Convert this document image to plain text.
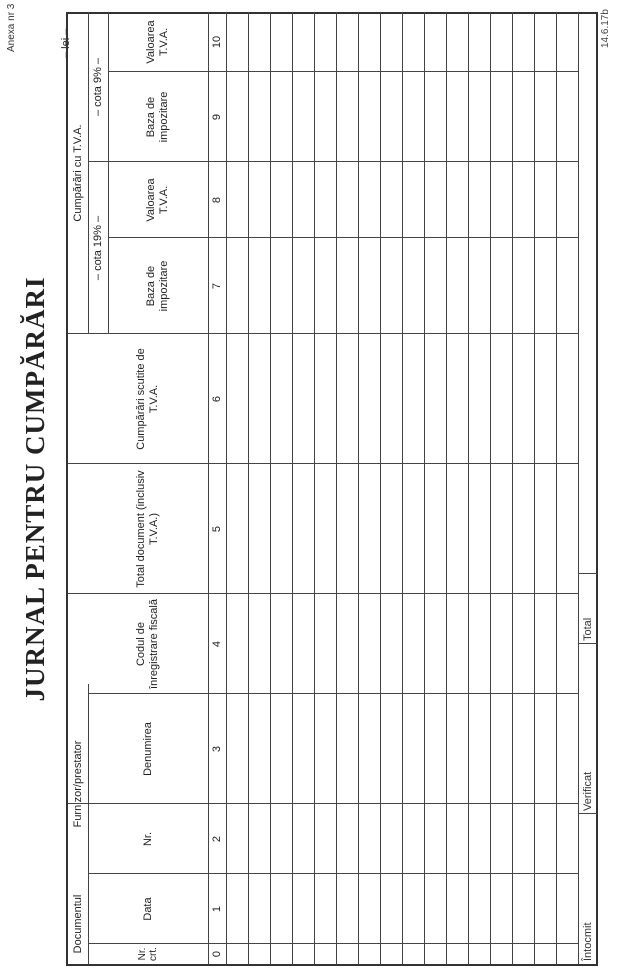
Anexa nr 3
JURNAL PENTRU CUMPĂRĂRI
– lei –	14.6.17b
Documentul
Furnizor/prestator
Cumpărări cu T.V.A.
– cota 19% –
– cota 9% –
Nr. crt.
Data
Nr.
Denumirea
Codul de înregistrare fiscală
Total document (inclusiv T.V.A.)
Cumpărări scutite de T.V.A.
Baza de impozitare
Valoarea T.V.A.
Baza de impozitare
Valoarea T.V.A.
0
1
2
3
4
5
6
7
8
9
10
Întocmit
Verificat
Total
